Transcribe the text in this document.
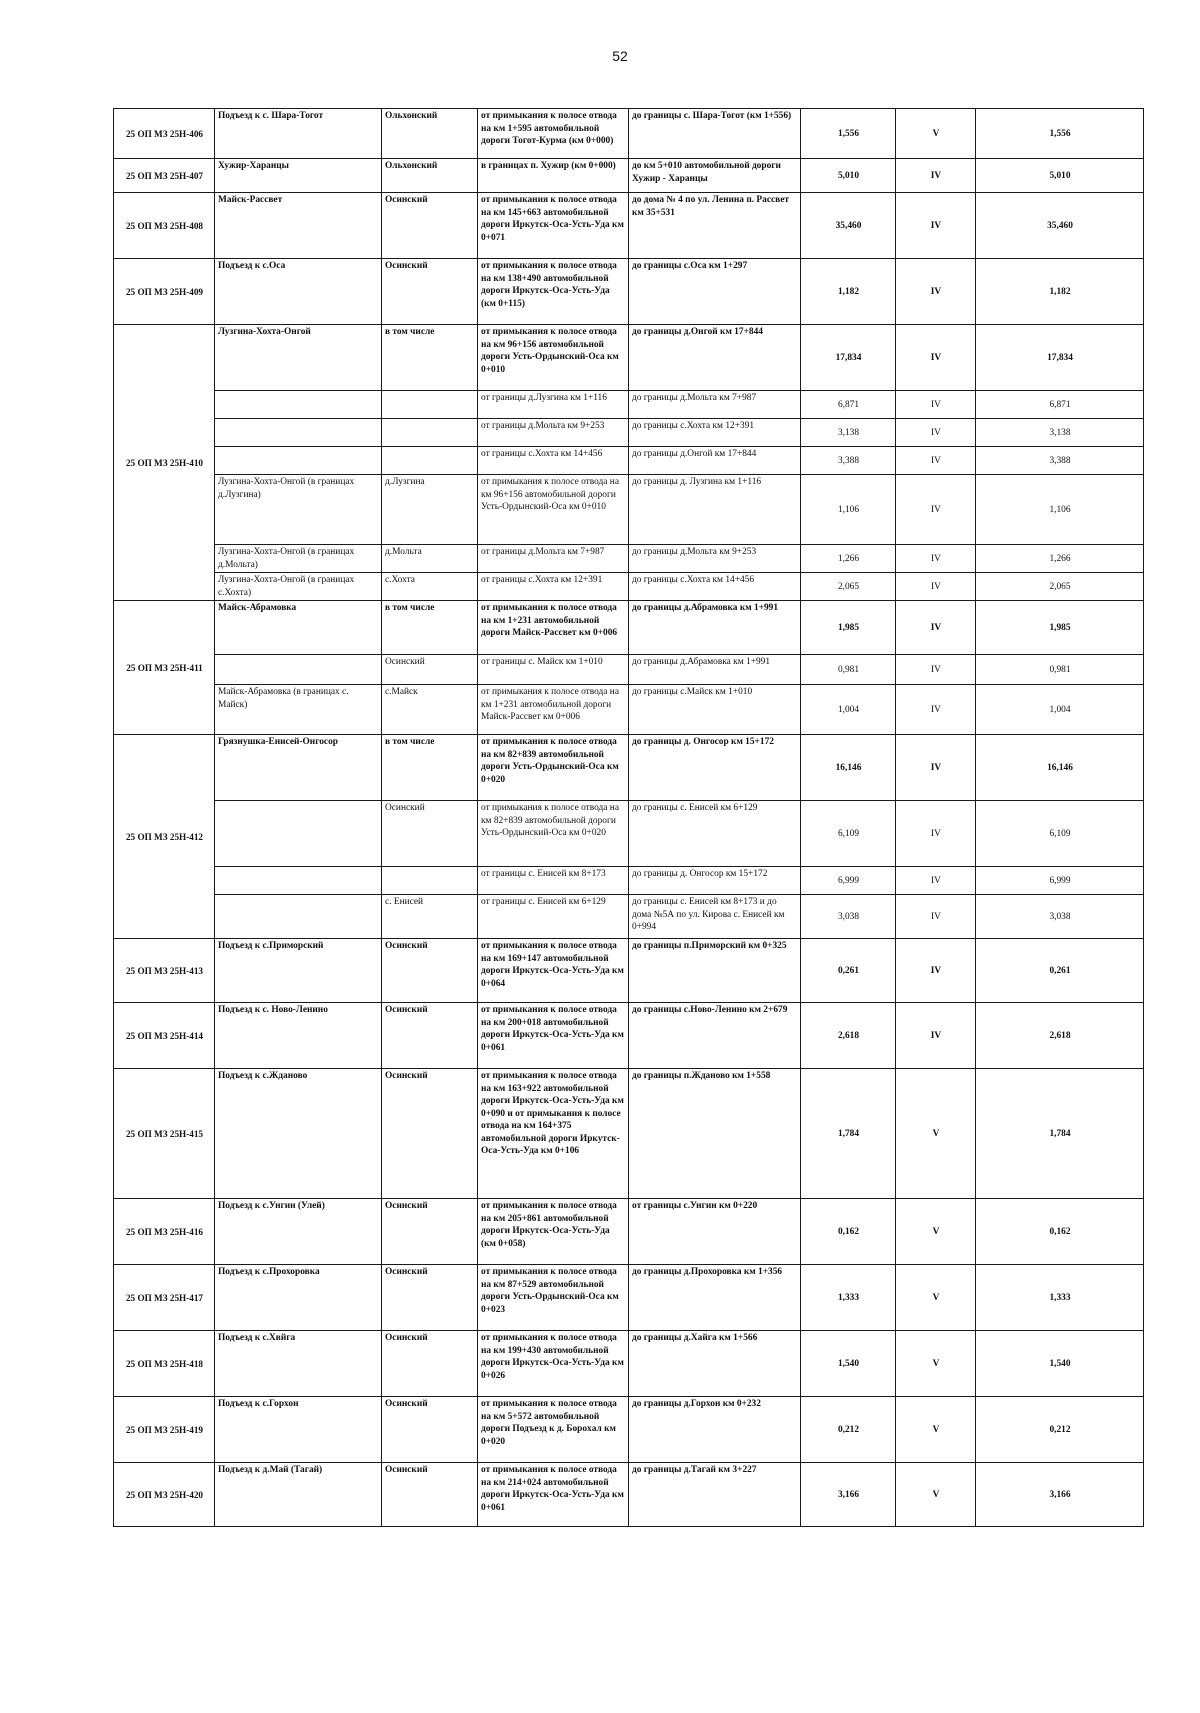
52
25 ОП МЗ 25Н-406	Подъезд к с. Шара-Тогот	Ольхонский	от примыкания к полосе отвода на км 1+595 автомобильной дороги Тогот-Курма (км 0+000)	до границы с. Шара-Тогот (км 1+556)	1,556	V	1,556
25 ОП МЗ 25Н-407	Хужир-Харанцы	Ольхонский	в границах п. Хужир (км 0+000)	до км 5+010 автомобильной дороги Хужир - Харанцы	5,010	IV	5,010
25 ОП МЗ 25Н-408	Майск-Рассвет	Осинский	от примыкания к полосе отвода на км 145+663 автомобильной дороги Иркутск-Оса-Усть-Уда км 0+071	до дома № 4 по ул. Ленина п. Рассвет км 35+531	35,460	IV	35,460
25 ОП МЗ 25Н-409	Подъезд к с.Оса	Осинский	от примыкания к полосе отвода на км 138+490 автомобильной дороги Иркутск-Оса-Усть-Уда (км 0+115)	до границы с.Оса км 1+297	1,182	IV	1,182
25 ОП МЗ 25Н-410	Лузгина-Хохта-Онгой	в том числе	от примыкания к полосе отвода на км 96+156 автомобильной дороги Усть-Ордынский-Оса км 0+010	до границы д.Онгой км 17+844	17,834	IV	17,834
			от границы д.Лузгина км 1+116	до границы д.Мольта км 7+987	6,871	IV	6,871
			от границы д.Мольта км 9+253	до границы с.Хохта км 12+391	3,138	IV	3,138
			от границы с.Хохта км 14+456	до границы д.Онгой км 17+844	3,388	IV	3,388
	Лузгина-Хохта-Онгой (в границах д.Лузгина)	д.Лузгина	от примыкания к полосе отвода на км 96+156 автомобильной дороги Усть-Ордынский-Оса км 0+010	до границы д. Лузгина км 1+116	1,106	IV	1,106
	Лузгина-Хохта-Онгой (в границах д.Мольта)	д.Мольта	от границы д.Мольта км 7+987	до границы д.Мольта км 9+253	1,266	IV	1,266
	Лузгина-Хохта-Онгой (в границах с.Хохта)	с.Хохта	от границы с.Хохта км 12+391	до границы с.Хохта км 14+456	2,065	IV	2,065
25 ОП МЗ 25Н-411	Майск-Абрамовка	в том числе	от примыкания к полосе отвода на км 1+231 автомобильной дороги Майск-Рассвет км 0+006	до границы д.Абрамовка км 1+991	1,985	IV	1,985
		Осинский	от границы с. Майск км 1+010	до границы д.Абрамовка км 1+991	0,981	IV	0,981
	Майск-Абрамовка (в границах с. Майск)	с.Майск	от примыкания к полосе отвода на км 1+231 автомобильной дороги Майск-Рассвет км 0+006	до границы с.Майск км 1+010	1,004	IV	1,004
25 ОП МЗ 25Н-412	Грязнушка-Енисей-Онгосор	в том числе	от примыкания к полосе отвода на км 82+839 автомобильной дороги Усть-Ордынский-Оса км 0+020	до границы д. Онгосор км 15+172	16,146	IV	16,146
		Осинский	от примыкания к полосе отвода на км 82+839 автомобильной дороги Усть-Ордынский-Оса км 0+020	до границы с. Енисей км 6+129	6,109	IV	6,109
			от границы с. Енисей км 8+173	до границы д. Онгосор км 15+172	6,999	IV	6,999
		с. Енисей	от границы с. Енисей км 6+129	до границы с. Енисей км 8+173 и до дома №5А по ул. Кирова с. Енисей км 0+994	3,038	IV	3,038
25 ОП МЗ 25Н-413	Подъезд к с.Приморский	Осинский	от примыкания к полосе отвода на км 169+147 автомобильной дороги Иркутск-Оса-Усть-Уда км 0+064	до границы п.Приморский км 0+325	0,261	IV	0,261
25 ОП МЗ 25Н-414	Подъезд к с. Ново-Ленино	Осинский	от примыкания к полосе отвода на км 200+018 автомобильной дороги Иркутск-Оса-Усть-Уда км 0+061	до границы с.Ново-Ленино км 2+679	2,618	IV	2,618
25 ОП МЗ 25Н-415	Подъезд к с.Жданово	Осинский	от примыкания к полосе отвода на км 163+922 автомобильной дороги Иркутск-Оса-Усть-Уда км 0+090 и от примыкания к полосе отвода на км 164+375 автомобильной дороги Иркутск-Оса-Усть-Уда км 0+106	до границы п.Жданово км 1+558	1,784	V	1,784
25 ОП МЗ 25Н-416	Подъезд к с.Унгин (Улей)	Осинский	от примыкания к полосе отвода на км 205+861 автомобильной дороги Иркутск-Оса-Усть-Уда (км 0+058)	от границы с.Унгин км 0+220	0,162	V	0,162
25 ОП МЗ 25Н-417	Подъезд к с.Прохоровка	Осинский	от примыкания к полосе отвода на км 87+529 автомобильной дороги Усть-Ордынский-Оса км 0+023	до границы д.Прохоровка км 1+356	1,333	V	1,333
25 ОП МЗ 25Н-418	Подъезд к с.Хвйга	Осинский	от примыкания к полосе отвода на км 199+430 автомобильной дороги Иркутск-Оса-Усть-Уда км 0+026	до границы д.Хайга км 1+566	1,540	V	1,540
25 ОП МЗ 25Н-419	Подъезд к с.Горхон	Осинский	от примыкания к полосе отвода на км 5+572 автомобильной дороги Подъезд к д. Бороxал км 0+020	до границы д.Горхон км 0+232	0,212	V	0,212
25 ОП МЗ 25Н-420	Подъезд к д.Май (Тагай)	Осинский	от примыкания к полосе отвода на км 214+024 автомобильной дороги Иркутск-Оса-Усть-Уда км 0+061	до границы д.Тагай км 3+227	3,166	V	3,166
